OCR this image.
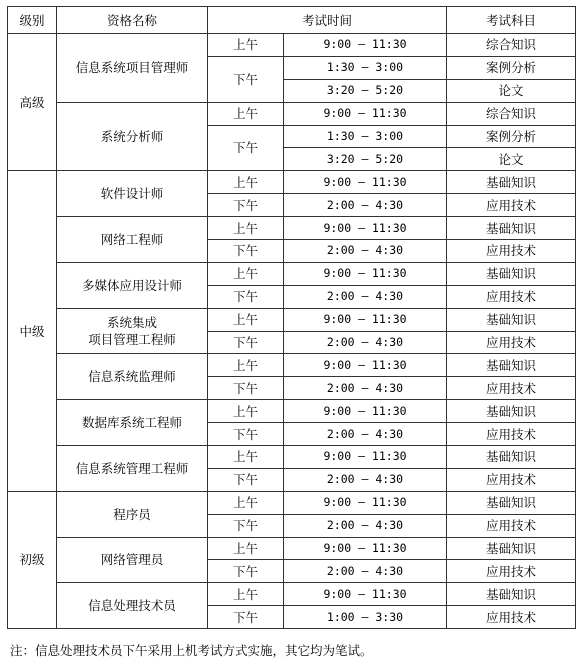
级别	资格名称	考试时间		考试科目
高级	信息系统项目管理师	上午	9:00 — 11:30	综合知识
		下午	1:30 — 3:00	案例分析
			3:20 — 5:20	论文

	系统分析师	上午	9:00 — 11:30	综合知识
		下午	1:30 — 3:00	案例分析
			3:20 — 5:20	论文
中级	软件设计师	上午	9:00 — 11:30	基础知识
		下午	2:00 — 4:30	应用技术

	网络工程师	上午	9:00 — 11:30	基础知识
		下午	2:00 — 4:30	应用技术

	多媒体应用设计师	上午	9:00 — 11:30	基础知识
		下午	2:00 — 4:30	应用技术

	系统集成
项目管理工程师	上午	9:00 — 11:30	基础知识
		下午	2:00 — 4:30	应用技术

	信息系统监理师	上午	9:00 — 11:30	基础知识
		下午	2:00 — 4:30	应用技术

	数据库系统工程师	上午	9:00 — 11:30	基础知识
		下午	2:00 — 4:30	应用技术

	信息系统管理工程师	上午	9:00 — 11:30	基础知识
		下午	2:00 — 4:30	应用技术
初级	程序员	上午	9:00 — 11:30	基础知识
		下午	2:00 — 4:30	应用技术

	网络管理员	上午	9:00 — 11:30	基础知识
		下午	2:00 — 4:30	应用技术

	信息处理技术员	上午	9:00 — 11:30	基础知识
		下午	1:00 — 3:30	应用技术
注：信息处理技术员下午采用上机考试方式实施，其它均为笔试。
